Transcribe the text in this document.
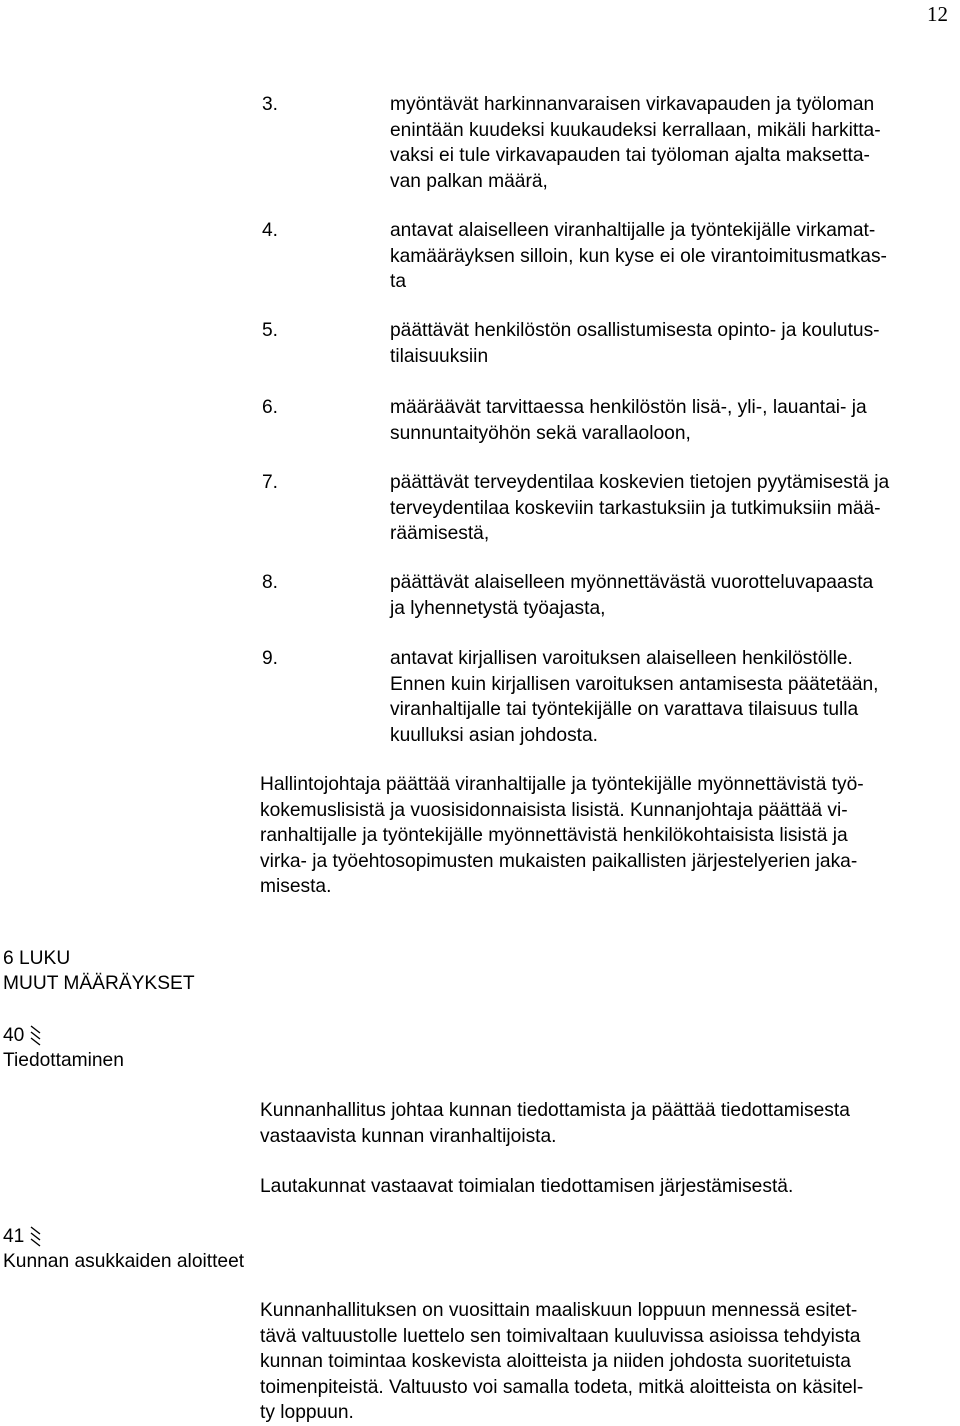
12
3.	myöntävät harkinnanvaraisen virkavapauden ja työloman
enintään kuudeksi kuukaudeksi kerrallaan, mikäli harkitta-
vaksi ei tule virkavapauden tai työloman ajalta maksetta-
van palkan määrä,
4.	antavat alaiselleen viranhaltijalle ja työntekijälle virkamat-
kamääräyksen silloin, kun kyse ei ole virantoimitusmatkas-
ta
5.	päättävät henkilöstön osallistumisesta opinto- ja koulutus-
tilaisuuksiin
6.	määräävät tarvittaessa henkilöstön lisä-, yli-, lauantai- ja
sunnuntaityöhön sekä varallaoloon,
7.	päättävät terveydentilaa koskevien tietojen pyytämisestä ja
terveydentilaa koskeviin tarkastuksiin ja tutkimuksiin mää-
räämisestä,
8.	päättävät alaiselleen myönnettävästä vuorotteluvapaasta
ja lyhennetystä työajasta,
9.	antavat kirjallisen varoituksen alaiselleen henkilöstölle.
Ennen kuin kirjallisen varoituksen antamisesta päätetään,
viranhaltijalle tai työntekijälle on varattava tilaisuus tulla
kuulluksi asian johdosta.
Hallintojohtaja päättää viranhaltijalle ja työntekijälle myönnettävistä työ-
kokemuslisistä ja vuosisidonnaisista lisistä. Kunnanjohtaja päättää vi-
ranhaltijalle ja työntekijälle myönnettävistä henkilökohtaisista lisistä ja
virka- ja työehtosopimusten mukaisten paikallisten järjestelyerien jaka-
misesta.
6 LUKU
MUUT MÄÄRÄYKSET
40
Tiedottaminen
Kunnanhallitus johtaa kunnan tiedottamista ja päättää tiedottamisesta
vastaavista kunnan viranhaltijoista.
Lautakunnat vastaavat toimialan tiedottamisen järjestämisestä.
41
Kunnan asukkaiden aloitteet
Kunnanhallituksen on vuosittain maaliskuun loppuun mennessä esitet-
tävä valtuustolle luettelo sen toimivaltaan kuuluvissa asioissa tehdyista
kunnan toimintaa koskevista aloitteista ja niiden johdosta suoritetuista
toimenpiteistä. Valtuusto voi samalla todeta, mitkä aloitteista on käsitel-
ty loppuun.
